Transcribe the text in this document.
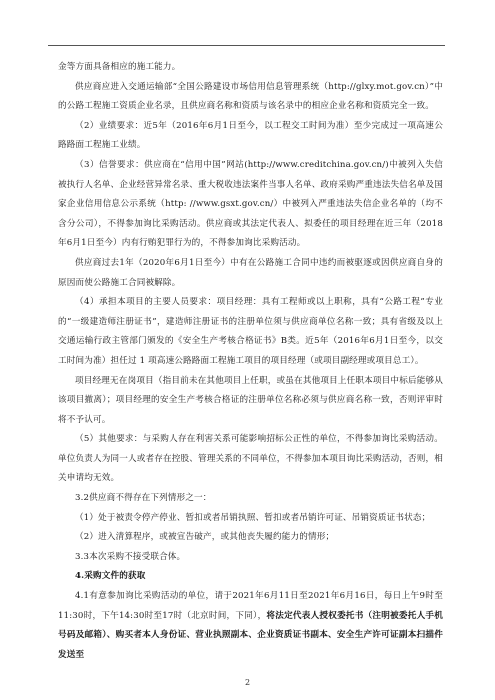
金等方面具备相应的施工能力。

供应商应进入交通运输部“全国公路建设市场信用信息管理系统（http://glxy.mot.gov.cn）”中的公路工程施工资质企业名录，且供应商名称和资质与该名录中的相应企业名称和资质完全一致。

（2）业绩要求：近5年（2016年6月1日至今，以工程交工时间为准）至少完成过一项高速公路路面工程施工业绩。

（3）信誉要求：供应商在“信用中国”网站(http://www.creditchina.gov.cn/)中被列入失信被执行人名单、企业经营异常名录、重大税收违法案件当事人名单、政府采购严重违法失信名单及国家企业信用信息公示系统（http: //www.gsxt.gov.cn/）中被列入严重违法失信企业名单的（均不含分公司），不得参加询比采购活动。供应商或其法定代表人、拟委任的项目经理在近三年（2018年6月1日至今）内有行贿犯罪行为的，不得参加询比采购活动。

供应商过去1年（2020年6月1日至今）中有在公路施工合同中违约而被驱逐或因供应商自身的原因而使公路施工合同被解除。

（4）承担本项目的主要人员要求：项目经理：具有工程师或以上职称，具有“公路工程”专业的“一级建造师注册证书”，建造师注册证书的注册单位须与供应商单位名称一致；具有省级及以上交通运输行政主管部门颁发的《安全生产考核合格证书》B类。近5年（2016年6月1日至今，以交工时间为准）担任过 1 项高速公路路面工程施工项目的项目经理（或项目副经理或项目总工）。

项目经理无在岗项目（指目前未在其他项目上任职，或虽在其他项目上任职本项目中标后能够从该项目撤离）；项目经理的安全生产考核合格证的注册单位名称必须与供应商名称一致，否则评审时将不予认可。

（5）其他要求：与采购人存在利害关系可能影响招标公正性的单位，不得参加询比采购活动。单位负责人为同一人或者存在控股、管理关系的不同单位，不得参加本项目询比采购活动，否则，相关申请均无效。

3.2供应商不得存在下列情形之一：

（1）处于被责令停产停业、暂扣或者吊销执照、暂扣或者吊销许可证、吊销资质证书状态；

（2）进入清算程序，或被宣告破产，或其他丧失履约能力的情形；

3.3本次采购不接受联合体。

4.采购文件的获取

4.1有意参加询比采购活动的单位，请于2021年6月11日至2021年6月16日，每日上午9时至11:30时，下午14:30时至17时（北京时间，下同），将法定代表人授权委托书（注明被委托人手机号码及邮箱）、购买者本人身份证、营业执照副本、企业资质证书副本、安全生产许可证副本扫描件发送至

2
